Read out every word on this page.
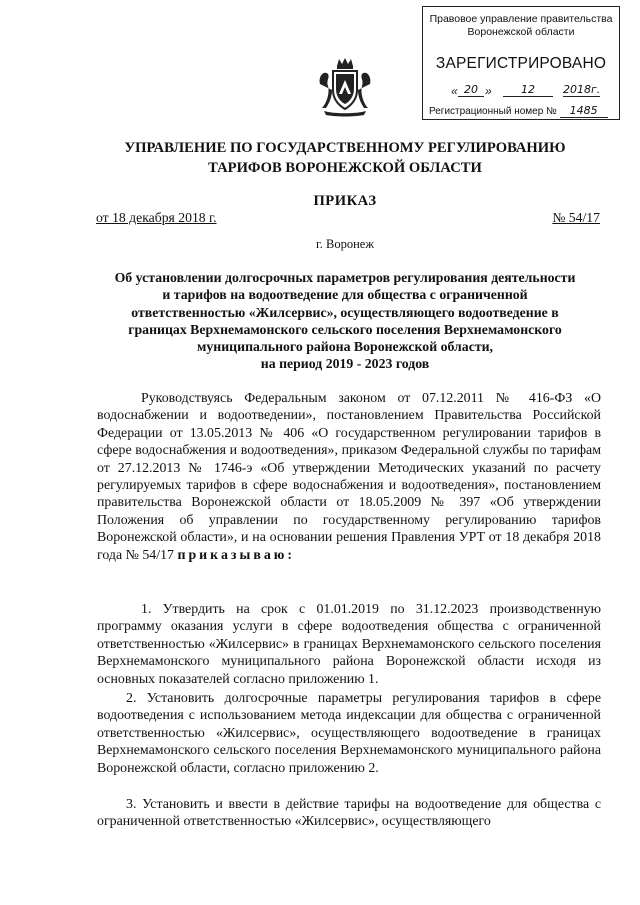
Правовое управление правительства
Воронежской области
ЗАРЕГИСТРИРОВАНО
« 20 »	12	2018г.
Регистрационный номер № 1485
УПРАВЛЕНИЕ ПО ГОСУДАРСТВЕННОМУ РЕГУЛИРОВАНИЮ
ТАРИФОВ ВОРОНЕЖСКОЙ ОБЛАСТИ
ПРИКАЗ
от 18 декабря 2018 г.	№ 54/17
г. Воронеж
Об установлении долгосрочных параметров регулирования деятельности
и тарифов на водоотведение для общества с ограниченной
ответственностью «Жилсервис», осуществляющего водоотведение в
границах Верхнемамонского сельского поселения Верхнемамонского
муниципального района Воронежской области,
на период 2019 - 2023 годов
Руководствуясь Федеральным законом от 07.12.2011 № 416-ФЗ «О водоснабжении и водоотведении», постановлением Правительства Российской Федерации от 13.05.2013 № 406 «О государственном регулировании тарифов в сфере водоснабжения и водоотведения», приказом Федеральной службы по тарифам от 27.12.2013 № 1746-э «Об утверждении Методических указаний по расчету регулируемых тарифов в сфере водоснабжения и водоотведения», постановлением правительства Воронежской области от 18.05.2009 № 397 «Об утверждении Положения об управлении по государственному регулированию тарифов Воронежской области», и на основании решения Правления УРТ от 18 декабря 2018 года № 54/17 приказываю:
1. Утвердить на срок с 01.01.2019 по 31.12.2023 производственную программу оказания услуги в сфере водоотведения общества с ограниченной ответственностью «Жилсервис» в границах Верхнемамонского сельского поселения Верхнемамонского муниципального района Воронежской области исходя из основных показателей согласно приложению 1.
2. Установить долгосрочные параметры регулирования тарифов в сфере водоотведения с использованием метода индексации для общества с ограниченной ответственностью «Жилсервис», осуществляющего водоотведение в границах Верхнемамонского сельского поселения Верхнемамонского муниципального района Воронежской области, согласно приложению 2.
3. Установить и ввести в действие тарифы на водоотведение для общества с ограниченной ответственностью «Жилсервис», осуществляющего
